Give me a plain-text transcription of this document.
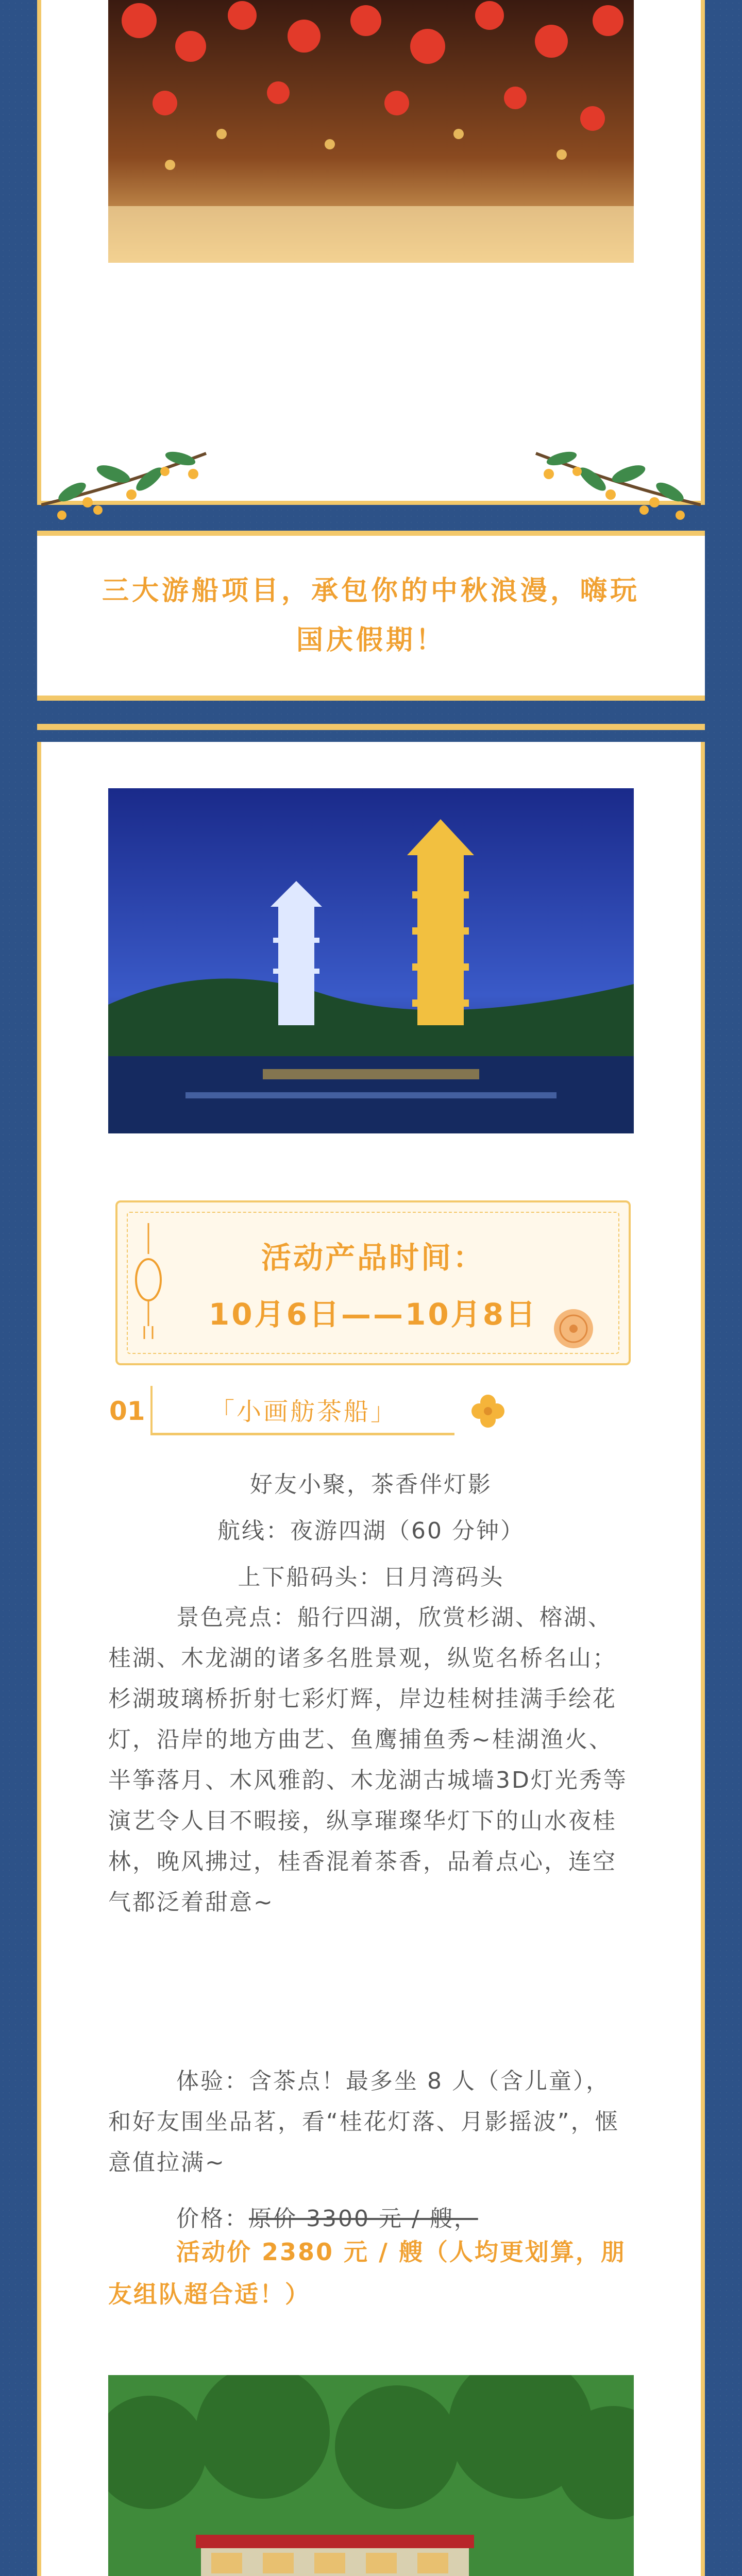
三大游船项目，承包你的中秋浪漫，嗨玩国庆假期！
活动产品时间：
10月6日——10月8日
01	「小画舫茶船」
好友小聚，茶香伴灯影
航线：夜游四湖（60 分钟）
上下船码头：日月湾码头
景色亮点：船行四湖，欣赏杉湖、榕湖、桂湖、木龙湖的诸多名胜景观，纵览名桥名山；杉湖玻璃桥折射七彩灯辉，岸边桂树挂满手绘花灯，沿岸的地方曲艺、鱼鹰捕鱼秀~桂湖渔火、半筝落月、木风雅韵、木龙湖古城墙3D灯光秀等演艺令人目不暇接，纵享璀璨华灯下的山水夜桂林，晚风拂过，桂香混着茶香，品着点心，连空气都泛着甜意~
体验：含茶点！最多坐 8 人（含儿童），和好友围坐品茗，看“桂花灯落、月影摇波”，惬意值拉满~
价格：原价 3300 元 / 艘，
活动价 2380 元 / 艘（人均更划算，朋友组队超合适！）
